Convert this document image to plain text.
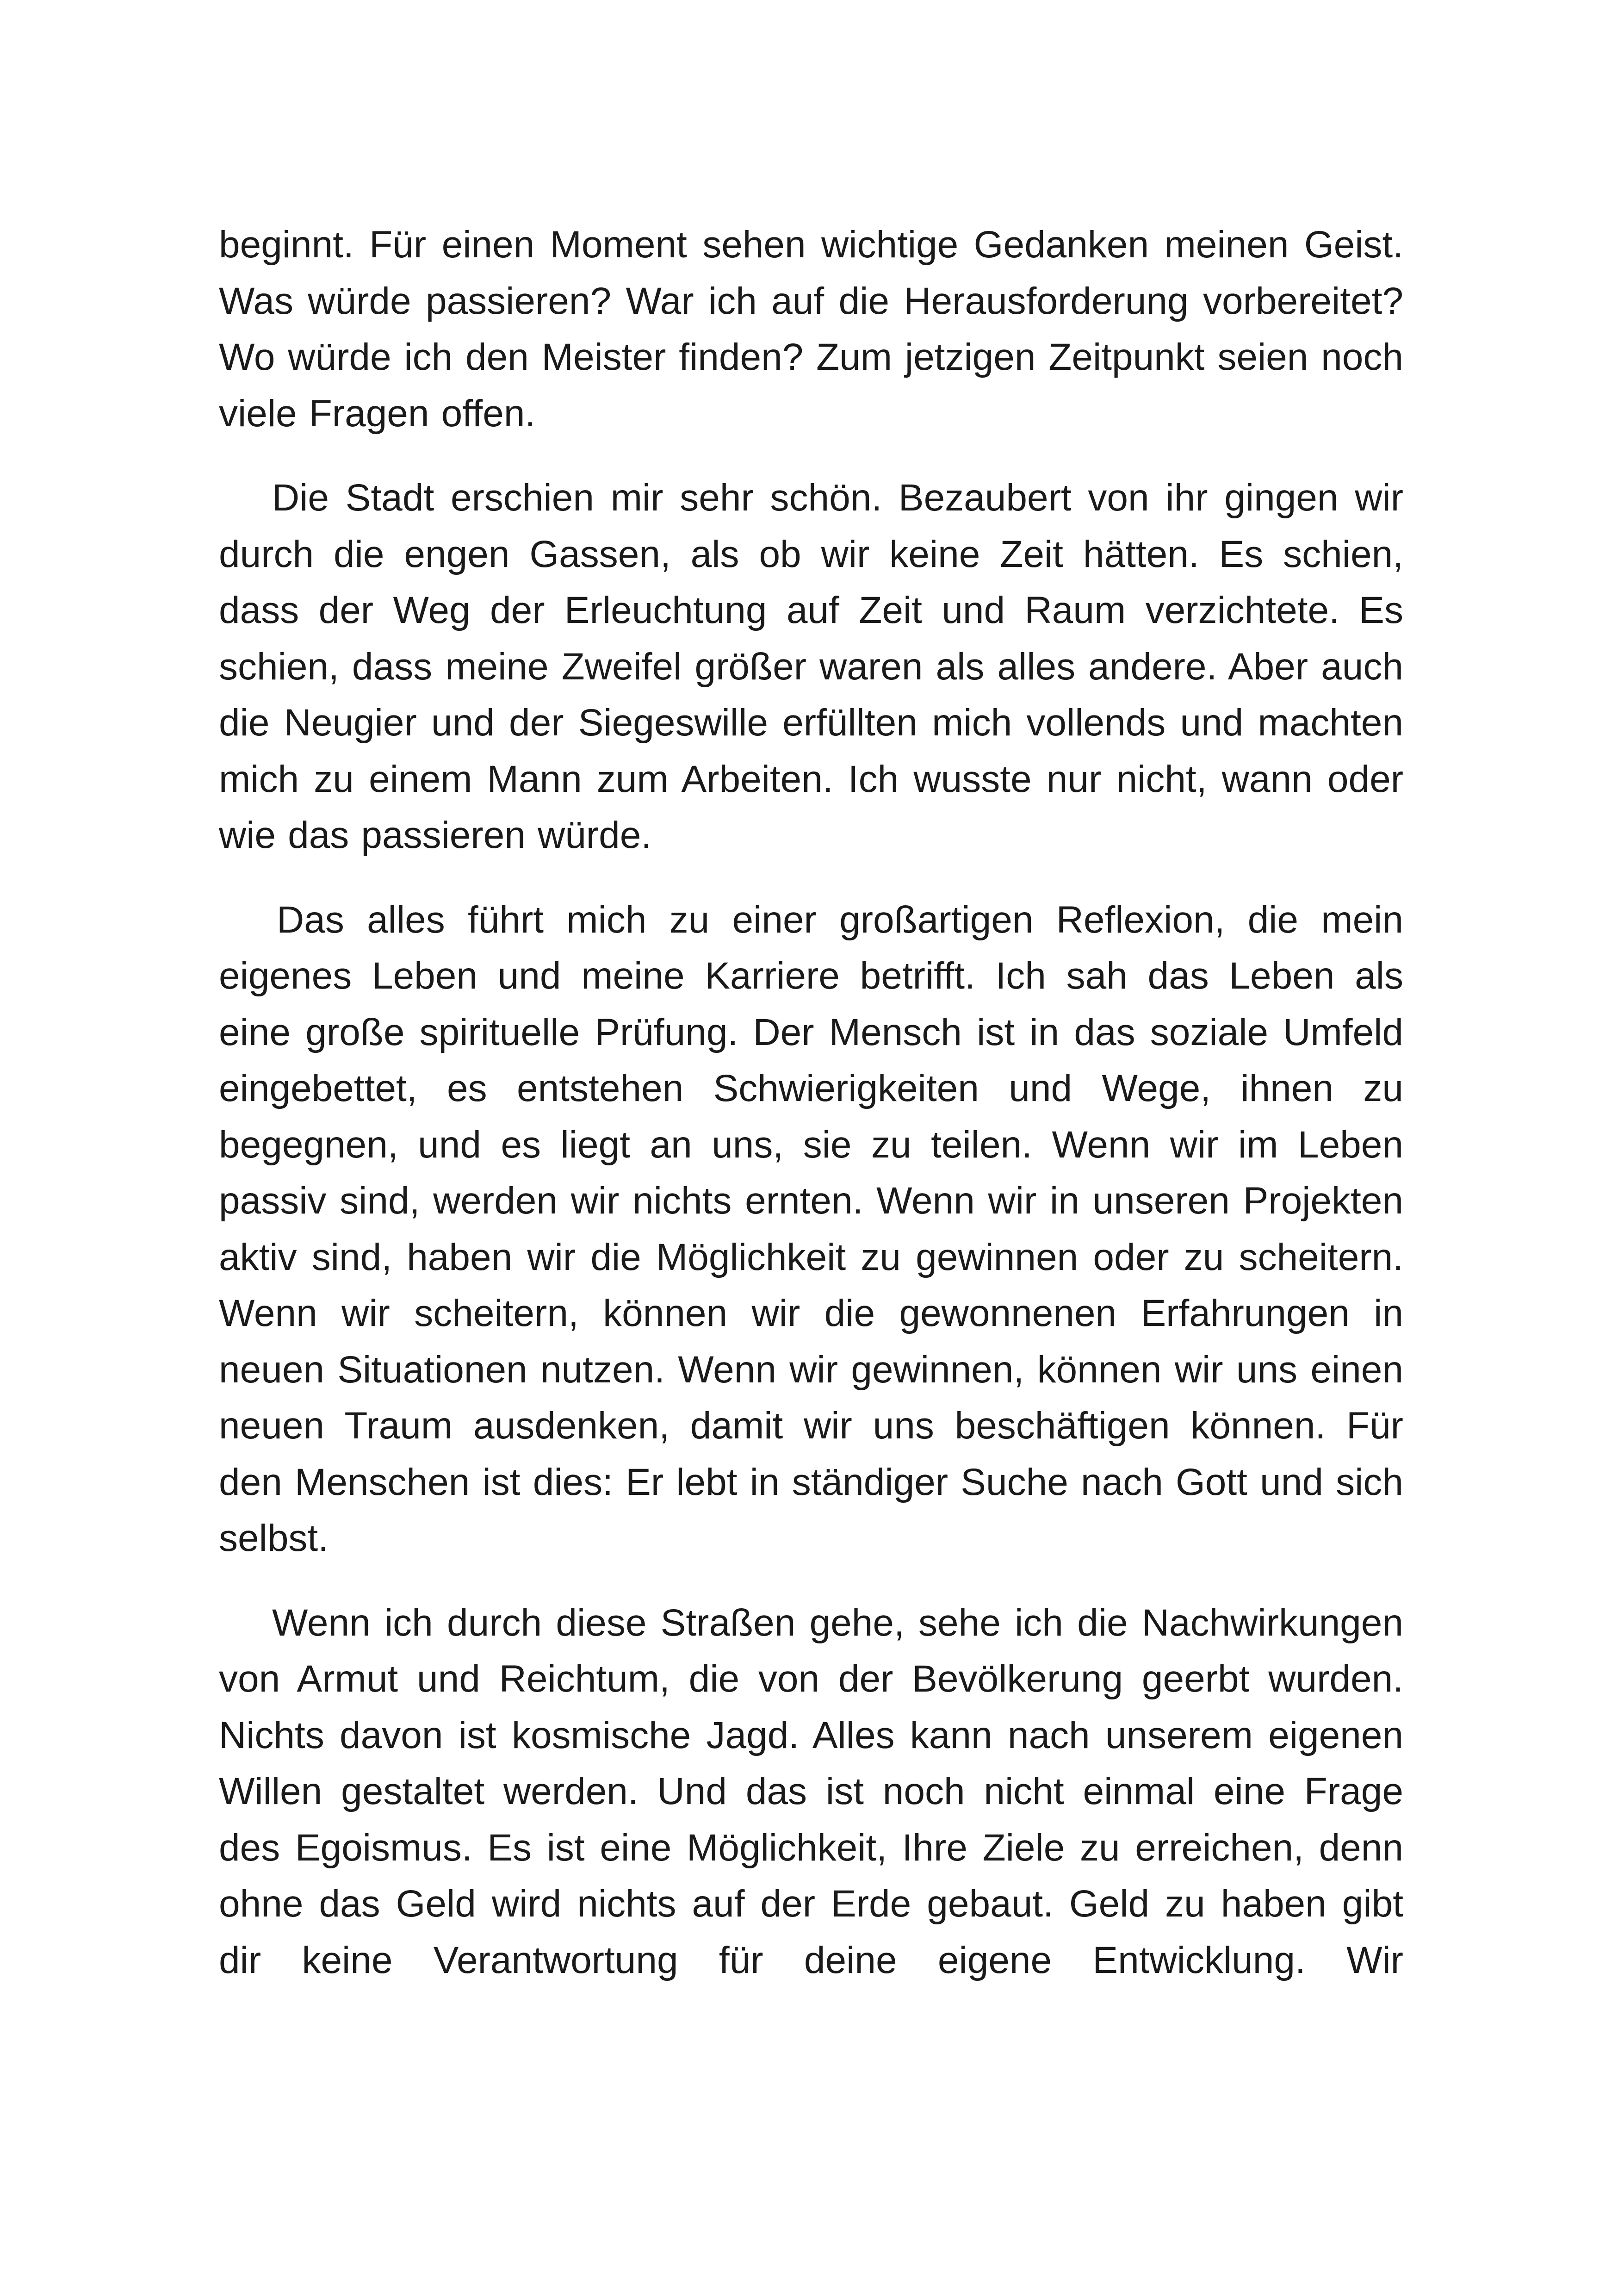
beginnt. Für einen Moment sehen wichtige Gedanken meinen Geist. Was würde passieren? War ich auf die Herausforderung vorbereitet? Wo würde ich den Meister finden? Zum jetzigen Zeitpunkt seien noch viele Fragen offen.

Die Stadt erschien mir sehr schön. Bezaubert von ihr gingen wir durch die engen Gassen, als ob wir keine Zeit hätten. Es schien, dass der Weg der Erleuchtung auf Zeit und Raum verzichtete. Es schien, dass meine Zweifel größer waren als alles andere. Aber auch die Neugier und der Siegeswille erfüllten mich vollends und machten mich zu einem Mann zum Arbeiten. Ich wusste nur nicht, wann oder wie das passieren würde.

Das alles führt mich zu einer großartigen Reflexion, die mein eigenes Leben und meine Karriere betrifft. Ich sah das Leben als eine große spirituelle Prüfung. Der Mensch ist in das soziale Umfeld eingebettet, es entstehen Schwierigkeiten und Wege, ihnen zu begegnen, und es liegt an uns, sie zu teilen. Wenn wir im Leben passiv sind, werden wir nichts ernten. Wenn wir in unseren Projekten aktiv sind, haben wir die Möglichkeit zu gewinnen oder zu scheitern. Wenn wir scheitern, können wir die gewonnenen Erfahrungen in neuen Situationen nutzen. Wenn wir gewinnen, können wir uns einen neuen Traum ausdenken, damit wir uns beschäftigen können. Für den Menschen ist dies: Er lebt in ständiger Suche nach Gott und sich selbst.

Wenn ich durch diese Straßen gehe, sehe ich die Nachwirkungen von Armut und Reichtum, die von der Bevölkerung geerbt wurden. Nichts davon ist kosmische Jagd. Alles kann nach unserem eigenen Willen gestaltet werden. Und das ist noch nicht einmal eine Frage des Egoismus. Es ist eine Möglichkeit, Ihre Ziele zu erreichen, denn ohne das Geld wird nichts auf der Erde gebaut. Geld zu haben gibt dir keine Verantwortung für deine eigene Entwicklung. Wir
